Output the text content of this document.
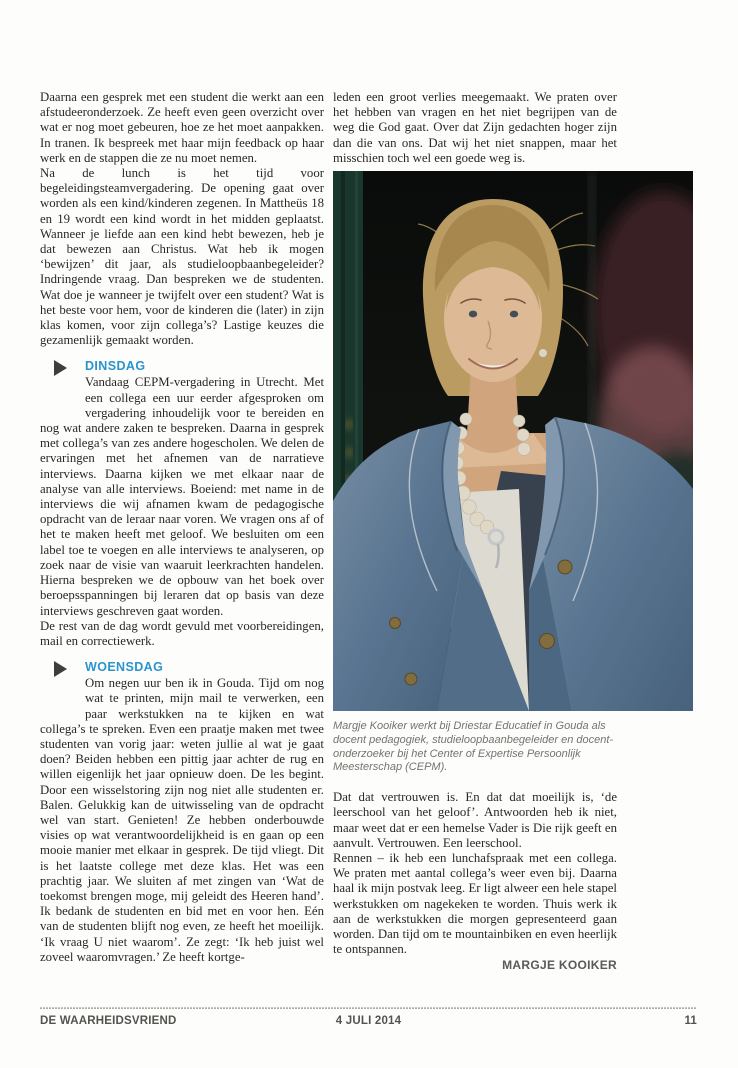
Daarna een gesprek met een student die werkt aan een afstudeeronderzoek. Ze heeft even geen overzicht over wat er nog moet gebeuren, hoe ze het moet aanpakken. In tranen. Ik bespreek met haar mijn feedback op haar werk en de stappen die ze nu moet nemen.

Na de lunch is het tijd voor begeleidingsteamvergadering. De opening gaat over worden als een kind/kinderen zegenen. In Mattheüs 18 en 19 wordt een kind wordt in het midden geplaatst. Wanneer je liefde aan een kind hebt bewezen, heb je dat bewezen aan Christus. Wat heb ik mogen ‘bewijzen’ dit jaar, als studieloopbaanbegeleider? Indringende vraag. Dan bespreken we de studenten. Wat doe je wanneer je twijfelt over een student? Wat is het beste voor hem, voor de kinderen die (later) in zijn klas komen, voor zijn collega’s? Lastige keuzes die gezamenlijk gemaakt worden.

DINSDAG

Vandaag CEPM-vergadering in Utrecht. Met een collega een uur eerder afgesproken om vergadering inhoudelijk voor te bereiden en nog wat andere zaken te bespreken. Daarna in gesprek met collega’s van zes andere hogescholen. We delen de ervaringen met het afnemen van de narratieve interviews. Daarna kijken we met elkaar naar de analyse van alle interviews. Boeiend: met name in de interviews die wij afnamen kwam de pedagogische opdracht van de leraar naar voren. We vragen ons af of het te maken heeft met geloof. We besluiten om een label toe te voegen en alle interviews te analyseren, op zoek naar de visie van waaruit leerkrachten handelen. Hierna bespreken we de opbouw van het boek over beroepsspanningen bij leraren dat op basis van deze interviews geschreven gaat worden.

De rest van de dag wordt gevuld met voorbereidingen, mail en correctiewerk.

WOENSDAG

Om negen uur ben ik in Gouda. Tijd om nog wat te printen, mijn mail te verwerken, een paar werkstukken na te kijken en wat collega’s te spreken. Even een praatje maken met twee studenten van vorig jaar: weten jullie al wat je gaat doen? Beiden hebben een pittig jaar achter de rug en willen eigenlijk het jaar opnieuw doen. De les begint. Door een wisselstoring zijn nog niet alle studenten er. Balen. Gelukkig kan de uitwisseling van de opdracht wel van start. Genieten! Ze hebben onderbouwde visies op wat verantwoordelijkheid is en gaan op een mooie manier met elkaar in gesprek. De tijd vliegt. Dit is het laatste college met deze klas. Het was een prachtig jaar. We sluiten af met zingen van ‘Wat de toekomst brengen moge, mij geleidt des Heeren hand’. Ik bedank de studenten en bid met en voor hen. Eén van de studenten blijft nog even, ze heeft het moeilijk. ‘Ik vraag U niet waarom’. Ze zegt: ‘Ik heb juist wel zoveel waaromvragen.’ Ze heeft kortge-

leden een groot verlies meegemaakt. We praten over het hebben van vragen en het niet begrijpen van de weg die God gaat. Over dat Zijn gedachten hoger zijn dan die van ons. Dat wij het niet snappen, maar het misschien toch wel een goede weg is.

Margje Kooiker werkt bij Driestar Educatief in Gouda als docent pedagogiek, studieloopbaanbegeleider en docent-onderzoeker bij het Center of Expertise Persoonlijk Meesterschap (CEPM).

Dat dat vertrouwen is. En dat dat moeilijk is, ‘de leerschool van het geloof’. Antwoorden heb ik niet, maar weet dat er een hemelse Vader is Die rijk geeft en aanvult. Vertrouwen. Een leerschool.

Rennen – ik heb een lunchafspraak met een collega. We praten met aantal collega’s weer even bij. Daarna haal ik mijn postvak leeg. Er ligt alweer een hele stapel werkstukken om nagekeken te worden. Thuis werk ik aan de werkstukken die morgen gepresenteerd gaan worden. Dan tijd om te mountainbiken en even heerlijk te ontspannen.

MARGJE KOOIKER
DE WAARHEIDSVRIEND	4 JULI 2014	11
